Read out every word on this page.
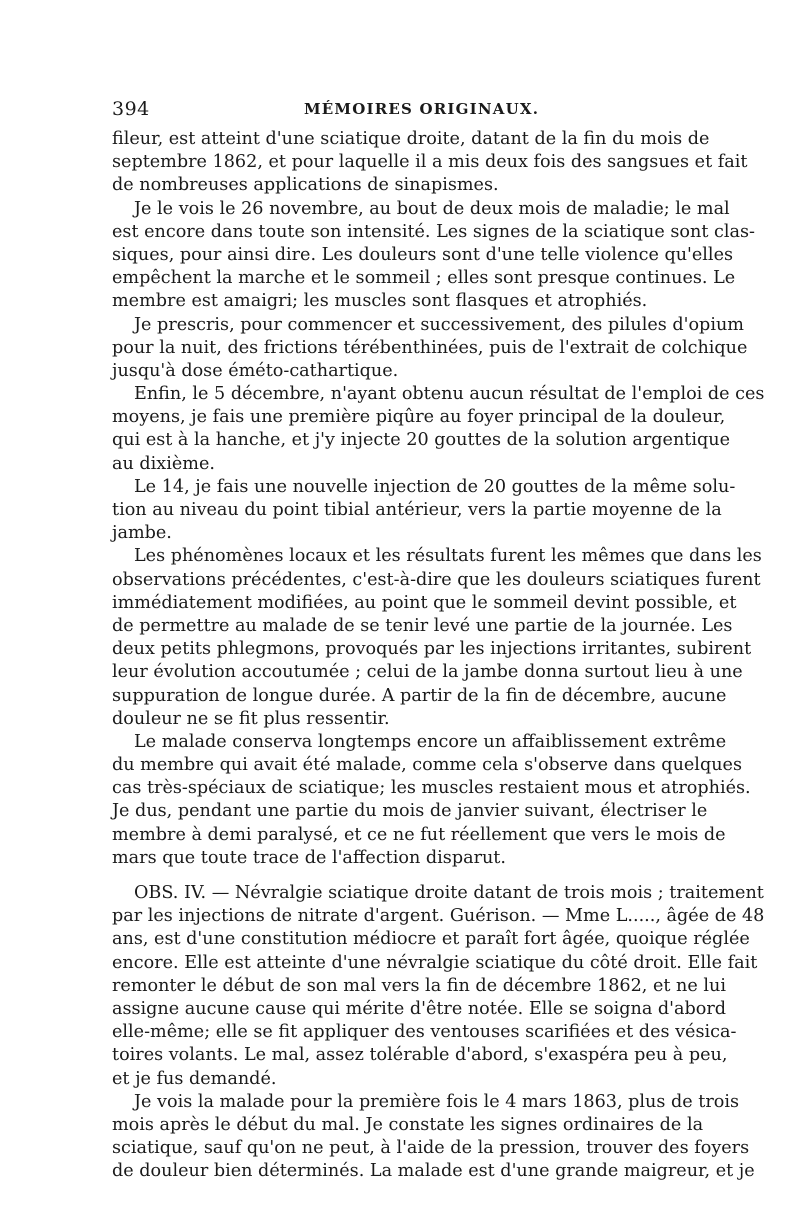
394	MÉMOIRES ORIGINAUX.
fileur, est atteint d'une sciatique droite, datant de la fin du mois de
septembre 1862, et pour laquelle il a mis deux fois des sangsues et fait
de nombreuses applications de sinapismes.
Je le vois le 26 novembre, au bout de deux mois de maladie; le mal
est encore dans toute son intensité. Les signes de la sciatique sont clas-
siques, pour ainsi dire. Les douleurs sont d'une telle violence qu'elles
empêchent la marche et le sommeil ; elles sont presque continues. Le
membre est amaigri; les muscles sont flasques et atrophiés.
Je prescris, pour commencer et successivement, des pilules d'opium
pour la nuit, des frictions térébenthinées, puis de l'extrait de colchique
jusqu'à dose éméto-cathartique.
Enfin, le 5 décembre, n'ayant obtenu aucun résultat de l'emploi de ces
moyens, je fais une première piqûre au foyer principal de la douleur,
qui est à la hanche, et j'y injecte 20 gouttes de la solution argentique
au dixième.
Le 14, je fais une nouvelle injection de 20 gouttes de la même solu-
tion au niveau du point tibial antérieur, vers la partie moyenne de la
jambe.
Les phénomènes locaux et les résultats furent les mêmes que dans les
observations précédentes, c'est-à-dire que les douleurs sciatiques furent
immédiatement modifiées, au point que le sommeil devint possible, et
de permettre au malade de se tenir levé une partie de la journée. Les
deux petits phlegmons, provoqués par les injections irritantes, subirent
leur évolution accoutumée ; celui de la jambe donna surtout lieu à une
suppuration de longue durée. A partir de la fin de décembre, aucune
douleur ne se fit plus ressentir.
Le malade conserva longtemps encore un affaiblissement extrême
du membre qui avait été malade, comme cela s'observe dans quelques
cas très-spéciaux de sciatique; les muscles restaient mous et atrophiés.
Je dus, pendant une partie du mois de janvier suivant, électriser le
membre à demi paralysé, et ce ne fut réellement que vers le mois de
mars que toute trace de l'affection disparut.
OBS. IV. — Névralgie sciatique droite datant de trois mois ; traitement
par les injections de nitrate d'argent. Guérison. — Mme L....., âgée de 48
ans, est d'une constitution médiocre et paraît fort âgée, quoique réglée
encore. Elle est atteinte d'une névralgie sciatique du côté droit. Elle fait
remonter le début de son mal vers la fin de décembre 1862, et ne lui
assigne aucune cause qui mérite d'être notée. Elle se soigna d'abord
elle-même; elle se fit appliquer des ventouses scarifiées et des vésica-
toires volants. Le mal, assez tolérable d'abord, s'exaspéra peu à peu,
et je fus demandé.
Je vois la malade pour la première fois le 4 mars 1863, plus de trois
mois après le début du mal. Je constate les signes ordinaires de la
sciatique, sauf qu'on ne peut, à l'aide de la pression, trouver des foyers
de douleur bien déterminés. La malade est d'une grande maigreur, et je
